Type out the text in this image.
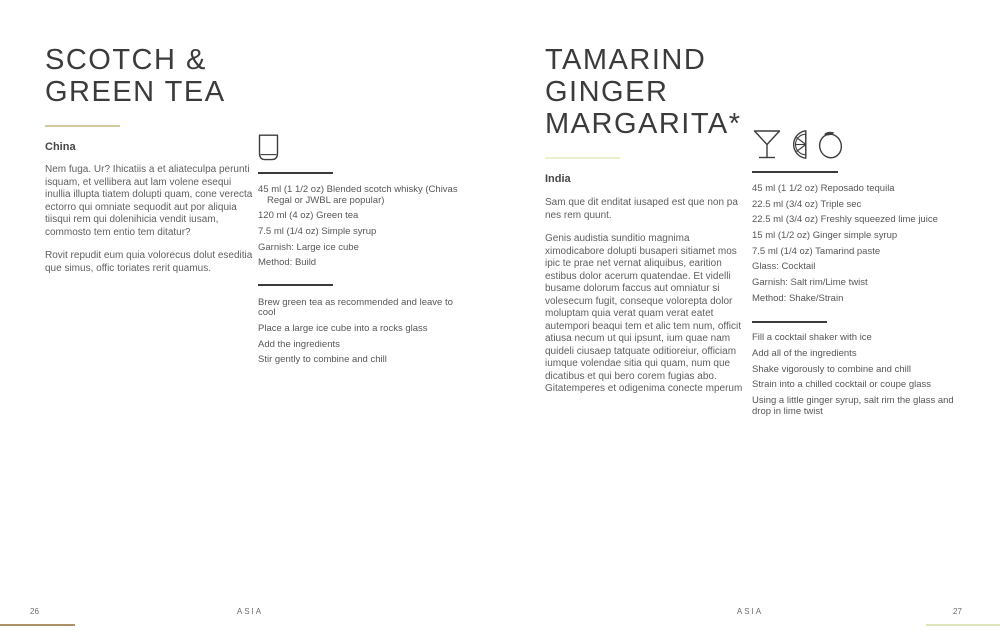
SCOTCH &
GREEN TEA
China

Nem fuga. Ur? Ihicatiis a et aliateculpa perunti isquam, et vellibera aut lam volene esequi inullia illupta tiatem dolupti quam, cone verecta ectorro qui omniate sequodit aut por aliquia tiisqui rem qui dolenihicia vendit iusam, commosto tem entio tem ditatur?

Rovit repudit eum quia volorecus dolut eseditia que simus, offic toriates rerit quamus.

45 ml (1 1/2 oz) Blended scotch whisky (Chivas Regal or JWBL are popular)
120 ml (4 oz) Green tea
7.5 ml (1/4 oz) Simple syrup
Garnish: Large ice cube
Method: Build
Brew green tea as recommended and leave to cool
Place a large ice cube into a rocks glass
Add the ingredients
Stir gently to combine and chill
TAMARIND
GINGER
MARGARITA*
India

Sam que dit enditat iusaped est que non pa nes rem quunt.

Genis audistia sunditio magnima ximodicabore dolupti busaperi sitiamet mos ipic te prae net vernat aliquibus, earition estibus dolor acerum quatendae. Et videlli busame dolorum faccus aut omniatur si volesecum fugit, conseque volorepta dolor moluptam quia verat quam verat eatet autempori beaqui tem et alic tem num, officit atiusa necum ut qui ipsunt, ium quae nam quideli ciusaep tatquate oditioreiur, officiam iumque volendae sitia qui quam, num que dicatibus et qui bero corem fugias abo. Gitatemperes et odigenima conecte mperum

45 ml (1 1/2 oz) Reposado tequila
22.5 ml (3/4 oz) Triple sec
22.5 ml (3/4 oz) Freshly squeezed lime juice
15 ml (1/2 oz) Ginger simple syrup
7.5 ml (1/4 oz) Tamarind paste
Glass: Cocktail
Garnish: Salt rim/Lime twist
Method: Shake/Strain
Fill a cocktail shaker with ice
Add all of the ingredients
Shake vigorously to combine and chill
Strain into a chilled cocktail or coupe glass
Using a little ginger syrup, salt rim the glass and drop in lime twist
26	ASIA	ASIA	27
